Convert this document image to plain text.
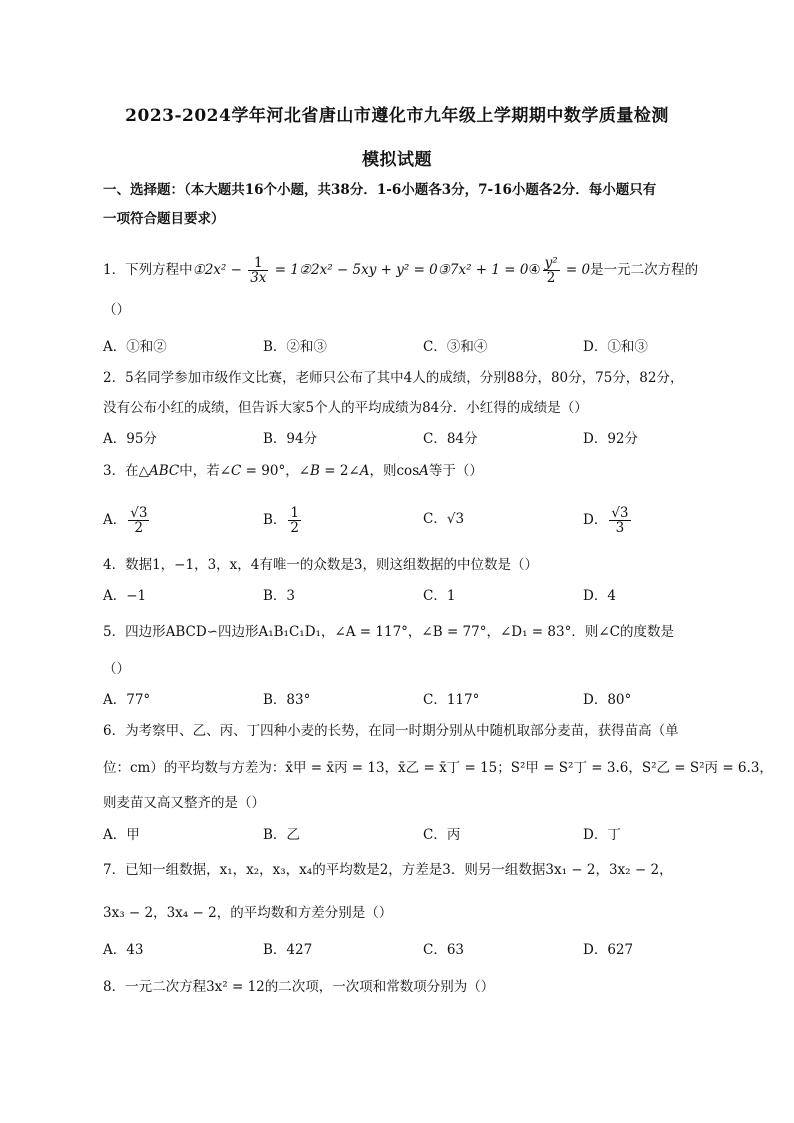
2023-2024学年河北省唐山市遵化市九年级上学期期中数学质量检测
模拟试题
一、选择题：（本大题共16个小题，共38分．1-6小题各3分，7-16小题各2分．每小题只有
一项符合题目要求）
1．下列方程中①2x² − $\frac{1}{3x}$ = 1②2x² − 5xy + y² = 0③7x² + 1 = 0④ $\frac{\text{y²}}{2} = 0$是一元二次方程的
（）
A．①和②	B．②和③	C．③和④	D．①和③
2．5名同学参加市级作文比赛，老师只公布了其中4人的成绩，分别88分，80分，75分，82分，
没有公布小红的成绩，但告诉大家5个人的平均成绩为84分．小红得的成绩是（）
A．95分	B．94分	C．84分	D．92分
3．在△ABC中，若∠C = 90°，∠B = 2∠A，则cosA等于（）
A． $\frac{√3}{2}$	B． $\frac{1}{2}$	C．√3	D． $\frac{√3}{3}$
4．数据1，−1，3，x，4有唯一的众数是3，则这组数据的中位数是（）
A．−1	B．3	C．1	D．4
5．四边形ABCD∽四边形A₁B₁C₁D₁，∠A = 117°，∠B = 77°，∠D₁ = 83°．则∠C的度数是
（）
A．77°	B．83°	C．117°	D．80°
6．为考察甲、乙、丙、丁四种小麦的长势，在同一时期分别从中随机取部分麦苗，获得苗高（单
位：cm）的平均数与方差为：x̄甲 = x̄丙 = 13，x̄乙 = x̄丁 = 15；S²甲 = S²丁 = 3.6，S²乙 = S²丙 = 6.3，
则麦苗又高又整齐的是（）
A．甲	B．乙	C．丙	D．丁
7．已知一组数据，x₁，x₂，x₃，x₄的平均数是2，方差是3．则另一组数据3x₁ − 2，3x₂ − 2，
3x₃ − 2，3x₄ − 2，的平均数和方差分别是（）
A．43	B．427	C．63	D．627
8．一元二次方程3x² = 12的二次项，一次项和常数项分别为（）
